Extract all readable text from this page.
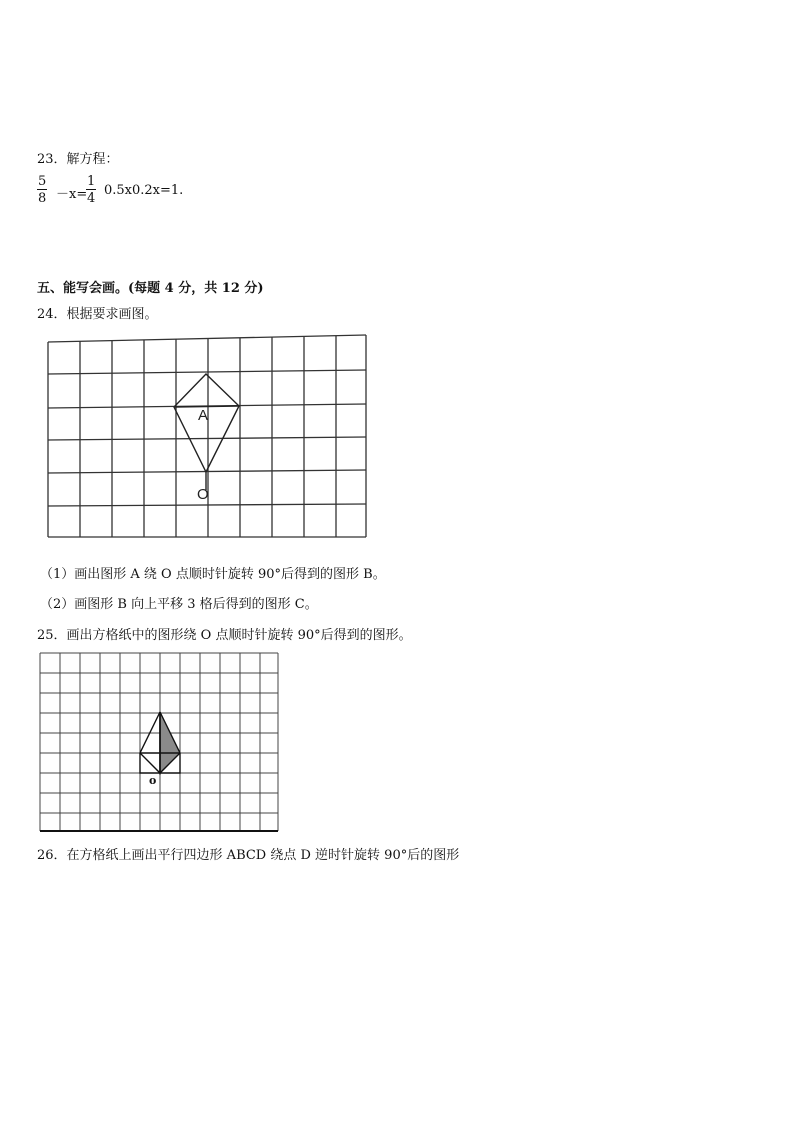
23．解方程：
$\frac{5}{8} -x=$
$\frac{1}{4} 0.5x0.2x=1$.
五、能写会画。(每题 4 分，共 12 分)
24．根据要求画图。
A
O
（1）画出图形 A 绕 O 点顺时针旋转 90°后得到的图形 B。
（2）画图形 B 向上平移 3 格后得到的图形 C。
25．画出方格纸中的图形绕 O 点顺时针旋转 90°后得到的图形。
o
26．在方格纸上画出平行四边形 ABCD 绕点 D 逆时针旋转 90°后的图形
